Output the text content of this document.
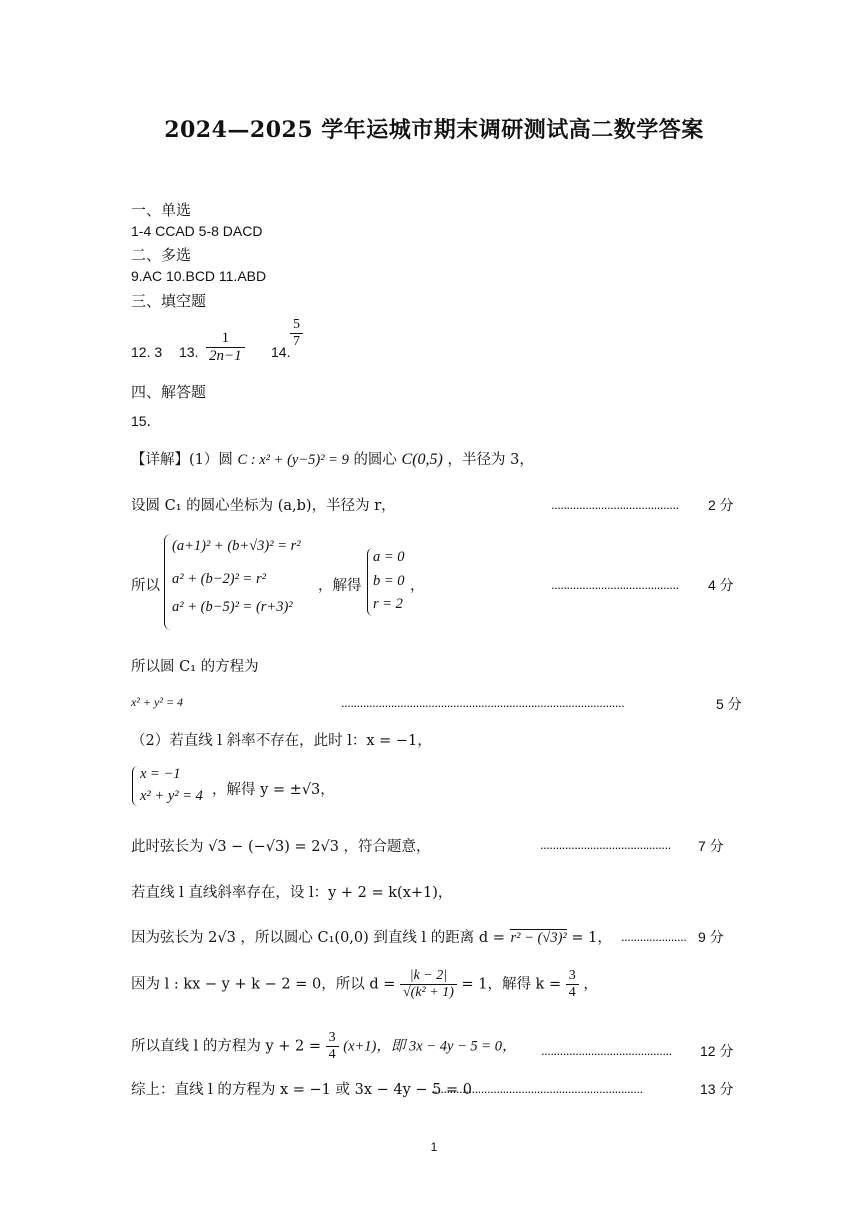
2024—2025 学年运城市期末调研测试高二数学答案
一、单选
1-4 CCAD 5-8 DACD
二、多选
9.AC 10.BCD 11.ABD
三、填空题
12. 3 13. $\frac{1}{2n-1} 14$.
$\frac{5}{7}$
四、解答题
15．
【详解】(1）圆 C : x² + (y−5)² = 9 的圆心 C(0,5) ，半径为 3，
设圆 C₁ 的圆心坐标为 (a,b)，半径为 r，	......................................... 2 分
所以
(a+1)² + (b+√3)² = r²
a² + (b−2)² = r²
a² + (b−5)² = (r+3)²
，解得
a = 0
b = 0
r = 2
，	......................................... 4 分
所以圆 C₁ 的方程为
x² + y² = 4	...........................................................................................	5 分
（2）若直线 l 斜率不存在，此时 l：x = −1，
x = −1
x² + y² = 4 ，解得 y = ±√3，
此时弦长为 √3 − (−√3) = 2√3 ，符合题意，	.......................................... 7 分
若直线 l 直线斜率存在，设 l：y + 2 = k(x+1)，
因为弦长为 2√3 ，所以圆心 C₁(0,0) 到直线 l 的距离 d = r² − (√3)² = 1， ..................... 9 分
因为 l : kx − y + k − 2 = 0，所以 $d = \frac{|k - 2|}{\text{√(k² + 1)}} = 1$，解得 $k = \frac{3}{4}$ ，
所以直线 l 的方程为 $y + 2 = \frac{3}{4} (x+1)$，即 3x − 4y − 5 = 0， .......................................... 12 分
综上：直线 l 的方程为 x = −1 或 3x − 4y − 5 = 0
....................................................................	13 分
1
